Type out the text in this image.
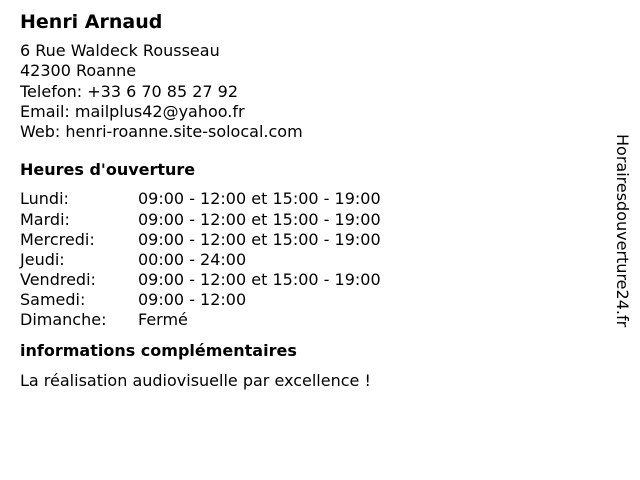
Henri Arnaud
6 Rue Waldeck Rousseau
42300 Roanne
Telefon: +33 6 70 85 27 92
Email: mailplus42@yahoo.fr
Web: henri-roanne.site-solocal.com
Heures d'ouverture
Lundi:	09:00 - 12:00 et 15:00 - 19:00
Mardi:	09:00 - 12:00 et 15:00 - 19:00
Mercredi:	09:00 - 12:00 et 15:00 - 19:00
Jeudi:	00:00 - 24:00
Vendredi:	09:00 - 12:00 et 15:00 - 19:00
Samedi:	09:00 - 12:00
Dimanche:	Fermé
informations complémentaires
La réalisation audiovisuelle par excellence !
Horairesdouverture24.fr
